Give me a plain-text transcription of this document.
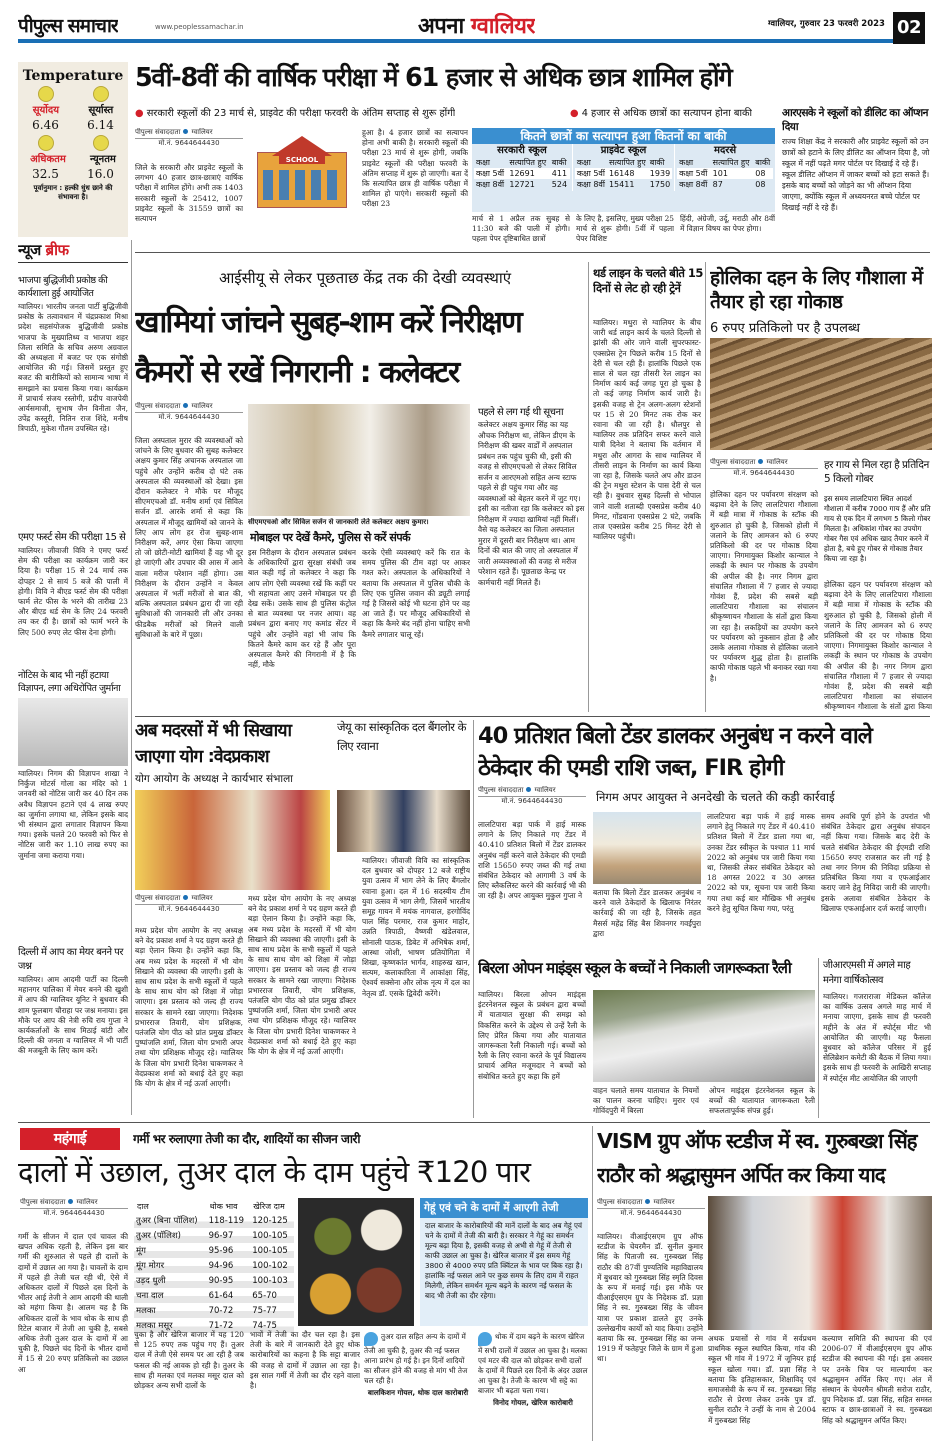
पीपुल्स समाचार	www.peoplessamachar.in	अपना ग्वालियर	ग्वालियर, गुरुवार 23 फरवरी 2023 02
Temperature
सूर्योदय	सूर्यास्त
6.46 6.14
अधिकतम न्यूनतम
32.5 16.0
पूर्वानुमान : हल्की धुंध छाने की संभावना है।
न्यूज ब्रीफ
भाजपा बुद्धिजीवी प्रकोष्ठ की कार्यशाला हुई आयोजित
ग्वालियर। भारतीय जनता पार्टी बुद्धिजीवी प्रकोष्ठ के तत्वावधान में चंद्रप्रकाश मिश्रा प्रदेश सहसंयोजक बुद्धिजीवी प्रकोष्ठ भाजपा के मुख्यातिथ्य व भाजपा शहर जिला समिति के सचिव अरुण अग्रवाल की अध्यक्षता में बजट पर एक संगोष्ठी आयोजित की गई। जिसमें प्रस्तुत हुए बजट की बारीकियों को सामान्य भाषा में समझाने का प्रयास किया गया। कार्यक्रम में प्राचार्य संजय रस्तोगी, प्रदीप वाजपेयी आर्यसमाजी, सुभाष जैन विनीता जैन, उपेंद्र कस्तूरी, नितिन राज शिंदे, मनीष त्रिपाठी, मुकेश गौतम उपस्थित रहे।
एमए फर्स्ट सेम की परीक्षा 15 से
ग्वालियर। जीवाजी विवि ने एमए फर्स्ट सेम की परीक्षा का कार्यक्रम जारी कर दिया है। परीक्षा 15 से 24 मार्च तक दोपहर 2 से सायं 5 बजे की पाली में होगी। विवि ने बीएड फर्स्ट सेम की परीक्षा फार्म लेट फीस के भरने की तारीख 23 और बीएड थर्ड सेम के लिए 24 फरवरी तय कर दी है। छात्रों को फार्म भरने के लिए 500 रुपए लेट फीस देना होगी।
नोटिस के बाद भी नहीं हटाया विज्ञापन, लगा अधिरोपित जुर्माना
ग्वालियर। निगम की विज्ञापन शाखा ने निर्कुंज मोटर्स गोला का मंदिर को 1 जनवरी को नोटिस जारी कर 40 दिन तक अवैध विज्ञापन हटाने एवं 4 लाख रुपए का जुर्माना लगाया था, लेकिन इसके बाद भी संस्थान द्वारा लगातार विज्ञापन किया गया। इसके चलते 20 फरवरी को फिर से नोटिस जारी कर 1.10 लाख रुपए का जुर्माना जमा कराया गया।
दिल्ली में आप का मेयर बनने पर जश्न
ग्वालियर। आम आदमी पार्टी का दिल्ली महानगर पालिका में मेयर बनने की खुशी में आप की ग्वालियर यूनिट ने बुधवार की शाम फूलबाग चौराहा पर जश्न मनाया। इस मौके पर आप की नेत्री रुचि राय गुप्ता ने कार्यकर्ताओं के साथ मिठाई बांटी और दिल्ली की जनता व ग्वालियर में भी पार्टी की मजबूती के लिए काम करें।
5वीं-8वीं की वार्षिक परीक्षा में 61 हजार से अधिक छात्र शामिल होंगे
● सरकारी स्कूलों की 23 मार्च से, प्राइवेट की परीक्षा फरवरी के अंतिम सप्ताह से शुरू होंगी	● 4 हजार से अधिक छात्रों का सत्यापन होना बाकी
पीपुल्स संवाददाता ग्वालियर
मो.नं. 9644644430
जिले के सरकारी और प्राइवेट स्कूलों के लगभग 40 हजार छात्र-छात्राएं वार्षिक परीक्षा में शामिल होंगे। अभी तक 1403 सरकारी स्कूलों के 25412, 1007 प्राइवेट स्कूलों के 31559 छात्रों का सत्यापन
SCHOOL
हुआ है। 4 हजार छात्रों का सत्यापन होना अभी बाकी है। सरकारी स्कूलों की परीक्षा 23 मार्च से शुरू होगी, जबकि प्राइवेट स्कूलों की परीक्षा फरवरी के अंतिम सप्ताह में शुरू हो जाएगी। बता दें कि सत्यापित छात्र ही वार्षिक परीक्षा में शामिल हो पाएंगे। सरकारी स्कूलों की परीक्षा 23
कितने छात्रों का सत्यापन हुआ कितनों का बाकी
सरकारी स्कूल
कक्षा	सत्यापित हुए	बाकी
कक्षा 5वीं	12691	411
कक्षा 8वीं	12721	524
प्राइवेट स्कूल
कक्षा	सत्यापित हुए	बाकी
कक्षा 5वीं	16148	1939
कक्षा 8वीं	15411	1750
मदरसे
कक्षा	सत्यापित हुए	बाकी
कक्षा 5वीं	101	08
कक्षा 8वीं	87	08
मार्च से 1 अप्रैल तक सुबह से 11:30 बजे की पाली में होगी। पहला पेपर दृष्टिबाधित छात्रों
के लिए है, इसलिए, मुख्य परीक्षा 25 मार्च से शुरू होगी। 5वीं में पहला पेपर विशिष्ट
हिंदी, अंग्रेजी, उर्दू, मराठी और 8वीं में विज्ञान विषय का पेपर होगा।
आरएसके ने स्कूलों को डीलिट का ऑप्शन दिया
राज्य शिक्षा केंद्र ने सरकारी और प्राइवेट स्कूलों को उन छात्रों को हटाने के लिए डीलिट का ऑप्शन दिया है, जो स्कूल में नहीं पढ़ते मगर पोर्टल पर दिखाई दे रहे हैं। स्कूल डीलिट ऑप्शन में जाकर बच्चों को हटा सकते हैं। इसके बाद बच्चों को जोड़ने का भी ऑप्शन दिया जाएगा, क्योंकि स्कूल में अध्ययनरत बच्चे पोर्टल पर दिखाई नहीं दे रहे हैं।
आईसीयू से लेकर पूछताछ केंद्र तक की देखी व्यवस्थाएं
खामियां जांचने सुबह-शाम करें निरीक्षण
कैमरों से रखें निगरानी : कलेक्टर
पीपुल्स संवाददाता ग्वालियर
मो.नं. 9644644430
जिला अस्पताल मुरार की व्यवस्थाओं को जांचने के लिए बुधवार की सुबह कलेक्टर अक्षय कुमार सिंह अचानक अस्पताल जा पहुंचे और उन्होंने करीब दो घंटे तक अस्पताल की व्यवस्थाओं को देखा। इस दौरान कलेक्टर ने मौके पर मौजूद सीएमएचओ डॉ. मनीष शर्मा एवं सिविल सर्जन डॉ. आरके शर्मा से कहा कि अस्पताल में मौजूद खामियों को जानने के लिए आप लोग हर रोज सुबह-शाम निरीक्षण करें, अगर ऐसा किया जाएगा तो जो छोटी-मोटी खामियां हैं वह भी दूर हो जाएंगी और उपचार की आस में आने वाला मरीज परेशान नहीं होगा। उस निरीक्षण के दौरान उन्होंने न केवल अस्पताल में भर्ती मरीजों से बात की, बल्कि अस्पताल प्रबंधन द्वारा दी जा रही सुविधाओं की जानकारी ली और उनका फीडबैक मरीजों को मिलने वाली सुविधाओं के बारे में पूछा।
सीएमएचओ और सिविल सर्जन से जानकारी लेते कलेक्टर अक्षय कुमार।
मोबाइल पर देखें कैमरे, पुलिस से करें संपर्क
इस निरीक्षण के दौरान अस्पताल प्रबंधन के अधिकारियों द्वारा सुरक्षा संबंधी जब बात कही गई तो कलेक्टर ने कहा कि आप लोग ऐसी व्यवस्था रखें कि कहीं पर भी सहायता आए उसने मोबाइल पर ही देख सकें। उसके साथ ही पुलिस कंट्रोल से बात व्यवस्था पर नजर आया। वह प्रबंधन द्वारा बनाए गए कमांड सेंटर में पहुंचे और उन्होंने वहां भी जांच कि कितने कैमरे काम कर रहे हैं और पूरा अस्पताल कैमरे की निगरानी में है कि नहीं, मौके
करके ऐसी व्यवस्थाएं करें कि रात के समय पुलिस की टीम वहां पर आकर गश्त करे। अस्पताल के अधिकारियों ने बताया कि अस्पताल में पुलिस चौकी के लिए एक पुलिस जवान की ड्यूटी लगाई गई है जिससे कोई भी घटना होने पर वह आ जाते हैं। पर मौजूद अधिकारियों से कहा कि कैमरे बंद नहीं होना चाहिए सभी कैमरे लगातार चालू रहें।
पहले से लग गई थी सूचना
कलेक्टर अक्षय कुमार सिंह का यह औचक निरीक्षण था, लेकिन डीएम के निरीक्षण की खबर वार्डों में अस्पताल प्रबंधन तक पहुंच चुकी थी, इसी की वजह से सीएमएचओ से लेकर सिविल सर्जन व आरएमओ सहित अन्य स्टाफ पहले से ही पहुंच गया और वह व्यवस्थाओं को बेहतर करने में जुट गए। इसी का नतीजा रहा कि कलेक्टर को इस निरीक्षण में ज्यादा खामियां नहीं मिलीं। वैसे यह कलेक्टर का जिला अस्पताल मुरार में दूसरी बार निरीक्षण था। आम दिनों की बात की जाए तो अस्पताल में जारी अव्यवस्थाओं की वजह से मरीज परेशान रहते हैं। पूछताछ केन्द्र पर कार्मचारी नहीं मिलते हैं।
थर्ड लाइन के चलते बीते 15 दिनों से लेट हो रही ट्रेनें
ग्वालियर। मथुरा से ग्वालियर के बीच जारी थर्ड लाइन कार्य के चलते दिल्ली से झांसी की ओर जाने वाली सुपरफास्ट-एक्सप्रेस ट्रेन पिछले करीब 15 दिनों से देरी से चल रही हैं। हालांकि पिछले एक साल से चल रहा तीसरी रेल लाइन का निर्माण कार्य कई जगह पूरा हो चुका है तो कई जगह निर्माण कार्य जारी है। इसकी वजह से ट्रेन अलग-अलग स्टेशनों पर 15 से 20 मिनट तक रोक कर रवाना की जा रही है। धौलपुर से ग्वालियर तक प्रतिदिन सफर करने वाले यात्री दिनेश ने बताया कि वर्तमान में मथुरा और आगरा के साथ ग्वालियर में तीसरी लाइन के निर्माण का कार्य किया जा रहा है, जिसके चलते अप और डाउन की ट्रेन मथुरा स्टेशन के पास देरी से चल रही है। बुधवार सुबह दिल्ली से भोपाल जाने वाली शताब्दी एक्सप्रेस करीब 40 मिनट, गोंडवाना एक्सप्रेस 2 घंटे, जबकि ताज एक्सप्रेस करीब 25 मिनट देरी से ग्वालियर पहुंची।
होलिका दहन के लिए गौशाला में तैयार हो रहा गोकाष्ठ
6 रुपए प्रतिकिलो पर है उपलब्ध
पीपुल्स संवाददाता ग्वालियर
मो.नं. 9644644430
होलिका दहन पर पर्यावरण संरक्षण को बढ़ावा देने के लिए लालटिपारा गौशाला में बड़ी मात्रा में गोकाष्ठ के स्टॉक की शुरुआत हो चुकी है, जिसको होली में जलाने के लिए आमजन को 6 रुपए प्रतिकिलो की दर पर गोकाष्ठ दिया जाएगा। निगमायुक्त किशोर कान्याल ने लकड़ी के स्थान पर गोकाष्ठ के उपयोग की अपील की है। नगर निगम द्वारा संचालित गौशाला में 7 हजार से ज्यादा गोवंश हैं, प्रदेश की सबसे बड़ी लालटिपारा गौशाला का संचालन श्रीकृष्णायन गौशाला के संतों द्वारा किया जा रहा है। लकड़ियों का उपयोग करने पर पर्यावरण को नुकसान होता है और उसके अलावा गोकाष्ठ से होलिका जलाने पर पर्यावरण शुद्ध होता है। हालांकि काफी गोकाष्ठ पहले भी बनाकर रखा गया है।
हर गाय से मिल रहा है प्रतिदिन 5 किलो गोबर
इस समय लालटिपारा स्थित आदर्श गौशाला में करीब 7000 गाय हैं और प्रति गाय से एक दिन में लगभग 5 किलो गोबर मिलता है। अधिकांश गोबर का उपयोग गोबर गैस एवं अधिक खाद तैयार करने में होता है, बचे हुए गोबर से गोकाष्ठ तैयार किया जा रहा है।
होलिका दहन पर पर्यावरण संरक्षण को बढ़ावा देने के लिए लालटिपारा गौशाला में बड़ी मात्रा में गोकाष्ठ के स्टॉक की शुरुआत हो चुकी है, जिसको होली में जलाने के लिए आमजन को 6 रुपए प्रतिकिलो की दर पर गोकाष्ठ दिया जाएगा। निगमायुक्त किशोर कान्याल ने लकड़ी के स्थान पर गोकाष्ठ के उपयोग की अपील की है। नगर निगम द्वारा संचालित गौशाला में 7 हजार से ज्यादा गोवंश हैं, प्रदेश की सबसे बड़ी लालटिपारा गौशाला का संचालन श्रीकृष्णायन गौशाला के संतों द्वारा किया
अब मदरसों में भी सिखाया जाएगा योग :वेदप्रकाश
योग आयोग के अध्यक्ष ने कार्यभार संभाला
पीपुल्स संवाददाता ग्वालियर
मो.नं. 9644644430
मध्य प्रदेश योग आयोग के नए अध्यक्ष बने वेद प्रकाश शर्मा ने पद ग्रहण करते ही बड़ा ऐलान किया है। उन्होंने कहा कि, अब मध्य प्रदेश के मदरसों में भी योग सिखाने की व्यवस्था की जाएगी। इसी के साथ साथ प्रदेश के सभी स्कूलों में पहले के साथ साथ योग को शिक्षा में जोड़ा जाएगा। इस प्रस्ताव को जल्द ही राज्य सरकार के सामने रखा जाएगा। निदेशक प्रभारराज तिवारी, योग प्रशिक्षक, पतंजलि योग पीठ को प्रांत प्रमुख डॉक्टर पुष्पांजलि शर्मा, जिला योग प्रभारी अपर तथा योग प्रशिक्षक मौजूद रहे। ग्वालियर के जिला योग प्रभारी दिनेश चाकणकर ने वेदप्रकाश शर्मा को बधाई देते हुए कहा कि योग के क्षेत्र में नई ऊर्जा आएगी।
मध्य प्रदेश योग आयोग के नए अध्यक्ष बने वेद प्रकाश शर्मा ने पद ग्रहण करते ही बड़ा ऐलान किया है। उन्होंने कहा कि, अब मध्य प्रदेश के मदरसों में भी योग सिखाने की व्यवस्था की जाएगी। इसी के साथ साथ प्रदेश के सभी स्कूलों में पहले के साथ साथ योग को शिक्षा में जोड़ा जाएगा। इस प्रस्ताव को जल्द ही राज्य सरकार के सामने रखा जाएगा। निदेशक प्रभारराज तिवारी, योग प्रशिक्षक, पतंजलि योग पीठ को प्रांत प्रमुख डॉक्टर पुष्पांजलि शर्मा, जिला योग प्रभारी अपर तथा योग प्रशिक्षक मौजूद रहे। ग्वालियर के जिला योग प्रभारी दिनेश चाकणकर ने वेदप्रकाश शर्मा को बधाई देते हुए कहा कि योग के क्षेत्र में नई ऊर्जा आएगी।
जेयू का सांस्कृतिक दल बैंगलोर के लिए रवाना
ग्वालियर। जीवाजी विवि का सांस्कृतिक दल बुधवार को दोपहर 12 बजे राष्ट्रीय युवा उत्सव में भाग लेने के लिए बैंगलोर रवाना हुआ। दल में 16 सदस्यीय टीम युवा उत्सव में भाग लेगी, जिसमें भारतीय समूह गायन में मयंक नागवाल, हरगोविंद पाल सिंह परमार, राज कुमार माहोर, उन्नति त्रिपाठी, वैष्णवी खंडेलवाल, सोनाली पाठक, डिबेट में अभिषेक शर्मा, आस्था जोशी, भाषण प्रतियोगिता में शिखा, कृष्णकांत भार्गव, शाहरुख खान, सत्यम, कलाकारिता में आकांक्षा सिंह, ऐश्वर्य सक्सेना और लोक नृत्य में दल का नेतृत्व डॉ. एसके द्विवेदी करेंगे।
40 प्रतिशत बिलो टेंडर डालकर अनुबंध न करने वाले ठेकेदार की एमडी राशि जब्त, FIR होगी
पीपुल्स संवाददाता ग्वालियर
मो.नं. 9644644430	निगम अपर आयुक्त ने अनदेखी के चलते की कड़ी कार्रवाई
लालटिपारा बड़ा पार्क में हाई मास्क लगाने के लिए निकाले गए टेंडर में 40.410 प्रतिशत बिलो में टेंडर डालकर अनुबंध नहीं करने वाले ठेकेदार की एमडी राशि 15650 रुपए जब्त की गई तथा संबंधित ठेकेदार को आगामी 3 वर्ष के लिए ब्लैकलिस्ट करने की कार्रवाई भी की जा रही है। अपर आयुक्त मुकुल गुप्ता ने	बताया कि बिलो टेंडर डालकर अनुबंध न करने वाले ठेकेदारों के खिलाफ निरंतर कार्रवाई की जा रही है, जिसके तहत मैसर्स महेंद्र सिंह बैस शिवनगर गवर्ईपुरा द्वारा
लालटिपारा बड़ा पार्क में हाई मास्क लगाने हेतु निकाले गए टेंडर में 40.410 प्रतिशत बिलो में टेंडर डाला गया था, उनका टेंडर स्वीकृत के पश्चात 11 मार्च 2022 को अनुबंध पत्र जारी किया गया था, जिसकी लेकर संबंधित ठेकेदार को 18 अगस्त 2022 व 30 अगस्त 2022 को पत्र, सूचना पत्र जारी किया गया तथा कई बार मौखिक भी अनुबंध करने हेतु सूचित किया गया, परंतु
समय अवधि पूर्ण होने के उपरांत भी संबंधित ठेकेदार द्वारा अनुबंध संपादन नहीं किया गया। जिसके बाद देरी के चलते संबंधित ठेकेदार की ईएमडी राशि 15650 रुपए राजसात कर ली गई है तथा नगर निगम की निविदा प्रक्रिया से प्रतिबंधित किया गया व एफआईआर कराए जाने हेतु निविदा जारी की जाएगी। इसके अलावा संबंधित ठेकेदार के खिलाफ एफआईआर दर्ज कराई जाएगी।
बिरला ओपन माइंड्स स्कूल के बच्चों ने निकाली जागरूकता रैली
ग्वालियर। बिरला ओपन माइंड्स इंटरनेशनल स्कूल के प्रबंधन द्वारा बच्चों में यातायात सुरक्षा की समझ को विकसित करने के उद्देश्य से उन्हें रैली के लिए प्रेरित किया गया और यातायात जागरूकता रैली निकाली गई। बच्चों को रैली के लिए रवाना करते के पूर्व विद्यालय प्राचार्य अमित मजूमदार ने बच्चों को संबोधित करते हुए कहा कि हमें
वाहन चलाते समय यातायात के नियमों का पालन करना चाहिए। मुरार एवं गोविंदपुरी में बिरला
ओपन माइंड्स इंटरनेशनल स्कूल के बच्चों की यातायात जागरूकता रैली सफलतापूर्वक संपन्न हुई।
जीआरएमसी में अगले माह मनेगा वार्षिकोत्सव
ग्वालियर। गजराराजा मेडिकल कॉलेज का वार्षिक उत्सव अगले माह मार्च में मनाया जाएगा, इसके साथ ही फरवरी महीने के अंत में स्पोर्ट्स मीट भी आयोजित की जाएगी। यह फैसला बुधवार को कॉलेज परिसर में हुई सेलिब्रेशन कमेटी की बैठक में लिया गया। इसके साथ ही फरवरी के आखिरी सप्ताह में स्पोर्ट्स मीट आयोजित की जाएगी
महंगाई	गर्मी भर रुलाएगा तेजी का दौर, शादियों का सीजन जारी
दालों में उछाल, तुअर दाल के दाम पहुंचे ₹120 पार
पीपुल्स संवाददाता ग्वालियर
मो.नं. 9644644430
गर्मी के सीजन में दाल एवं चावल की खपत अधिक रहती है, लेकिन इस बार गर्मी की शुरुआत से पहले ही दालों के दामों में उछाल आ गया है। चावलों के दाम में पहले ही तेजी चल रही थी, ऐसे में अधिकतर दालों में पिछले दस दिनों के भीतर आई तेजी ने आम आदमी की थाली को महंगा किया है। आलम यह है कि अधिकतर दालों के भाव थोक के साथ ही रिटेल बाजार में तेजी आ चुकी है, सबसे अधिक तेजी तुअर दाल के दामों में आ चुकी है, पिछले चंद दिनों के भीतर दामों में 15 से 20 रुपए प्रतिकिलो का उछाल आ
दाल	थोक भाव	खेरिज दाम
तुअर (बिना पॉलिश)	118-119	120-125
तुअर (पॉलिश)	96-97	100-105
मूंग	95-96	100-105
मूंग मोगर	94-96	100-102
उड़द धुली	90-95	100-103
चना दाल	61-64	65-70
मलका	70-72	75-77
मलका मसूर	71-72	74-75
चुका है और खेरिज बाजार में यह 120 से 125 रुपए तक पहुंच गए हैं। तुअर दाल में तेजी ऐसे समय पर आ रही है जब फसल की नई आवक हो रही है। तुअर के साथ ही मलका एवं मलका मसूर दाल को छोड़कर अन्य सभी दालों के
भावों में तेजी का दौर चल रहा है। इस तेजी के बारे में जानकारी देते हुए थोक कारोबारियों का कहना है कि सट्टा बाजार की वजह से दामों में उछाल आ रहा है। इस साल गर्मी में तेजी का दौर रहने वाला है।
गेहूं एवं चने के दामों में आएगी तेजी
दाल बाजार के कारोबारियों की मानें दालों के बाद अब गेहूं एवं चने के दामों में तेजी की बारी है। सरकार ने गेहूं का समर्थन मूल्य बढ़ा दिया है, इसकी वजह से अभी से गेहूं में तेजी से काफी उछाल आ चुका है। खेरिज बाजार में इस समय गेहूं 3800 से 4000 रुपए प्रति क्विंटल के भाव पर बिक रहा है। हालांकि नई फसल आने पर कुछ समय के लिए दाम में राहत मिलेगी, लेकिन समर्थन मूल्य बढ़ने के कारण नई फसल के बाद भी तेजी का दौर रहेगा।
तुअर दाल सहित अन्य के दामों में तेजी आ चुकी है, तुअर की नई फसल आना प्रारंभ हो गई है। इन दिनों शादियों का सीजन होने की वजह से मांग भी तेज चल रही है।
बालकिशन गोयल, थोक दाल कारोबारी
थोक में दाम बढ़ने के कारण खेरिज में सभी दालों में उछाल आ चुका है। मलका एवं मटर की दाल को छोड़कर सभी दालों के दामों में पिछले दस दिनों के अंदर उछाल आ चुका है। तेजी के कारण भी सट्टे का बाजार भी बढ़ता चला गया।
विनोद गोयल, खेरिज कारोबारी
VISM ग्रुप ऑफ स्टडीज में स्व. गुरुबख्श सिंह राठौर को श्रद्धासुमन अर्पित कर किया याद
पीपुल्स संवाददाता ग्वालियर
मो.नं. 9644644430
ग्वालियर। वीआईएसएम ग्रुप ऑफ स्टडीज के चेयरमैन डॉ. सुनील कुमार सिंह के पिताजी स्व. गुरुबख्श सिंह राठौर की 87वीं पुण्यतिथि महाविद्यालय में बुधवार को गुरुबख्श सिंह स्मृति दिवस के रूप में मनाई गई। इस मौके पर वीआईएसएम ग्रुप के निदेशक डॉ. प्रज्ञा सिंह ने स्व. गुरुबख्श सिंह के जीवन यात्रा पर प्रकाश डालते हुए उनके उल्लेखनीय कार्यों को याद किया। उन्होंने बताया कि स्व. गुरुबख्श सिंह का जन्म 1919 में फतेहपुर जिले के ग्राम में हुआ था।
अथक प्रयासों से गांव में सर्वप्रथम प्राथमिक स्कूल स्थापित किया, गांव की स्कूल भी गांव में 1972 में जूनियर हाई स्कूल खोला गया। डॉ. प्रज्ञा सिंह ने बताया कि इतिहासकार, शिक्षाविद् एवं समाजसेवी के रूप में स्व. गुरुबख्श सिंह राठौर से प्रेरणा लेकर उनके पुत्र डॉ. सुनील राठौर ने उन्हीं के नाम से 2004 में गुरुबख्श सिंह
कल्याण समिति की स्थापना की एवं 2006-07 में वीआईएसएम ग्रुप ऑफ स्टडीज की स्थापना की गई। इस अवसर पर उनके चित्र पर माल्यार्पण कर श्रद्धासुमन अर्पित किए गए। अंत में संस्थान के चेयरमैन श्रीमती सरोज राठौर, ग्रुप निदेशक डॉ. प्रज्ञा सिंह, सहित समस्त स्टाफ व छात्र-छात्राओं ने स्व. गुरुबख्श सिंह को श्रद्धासुमन अर्पित किए।
